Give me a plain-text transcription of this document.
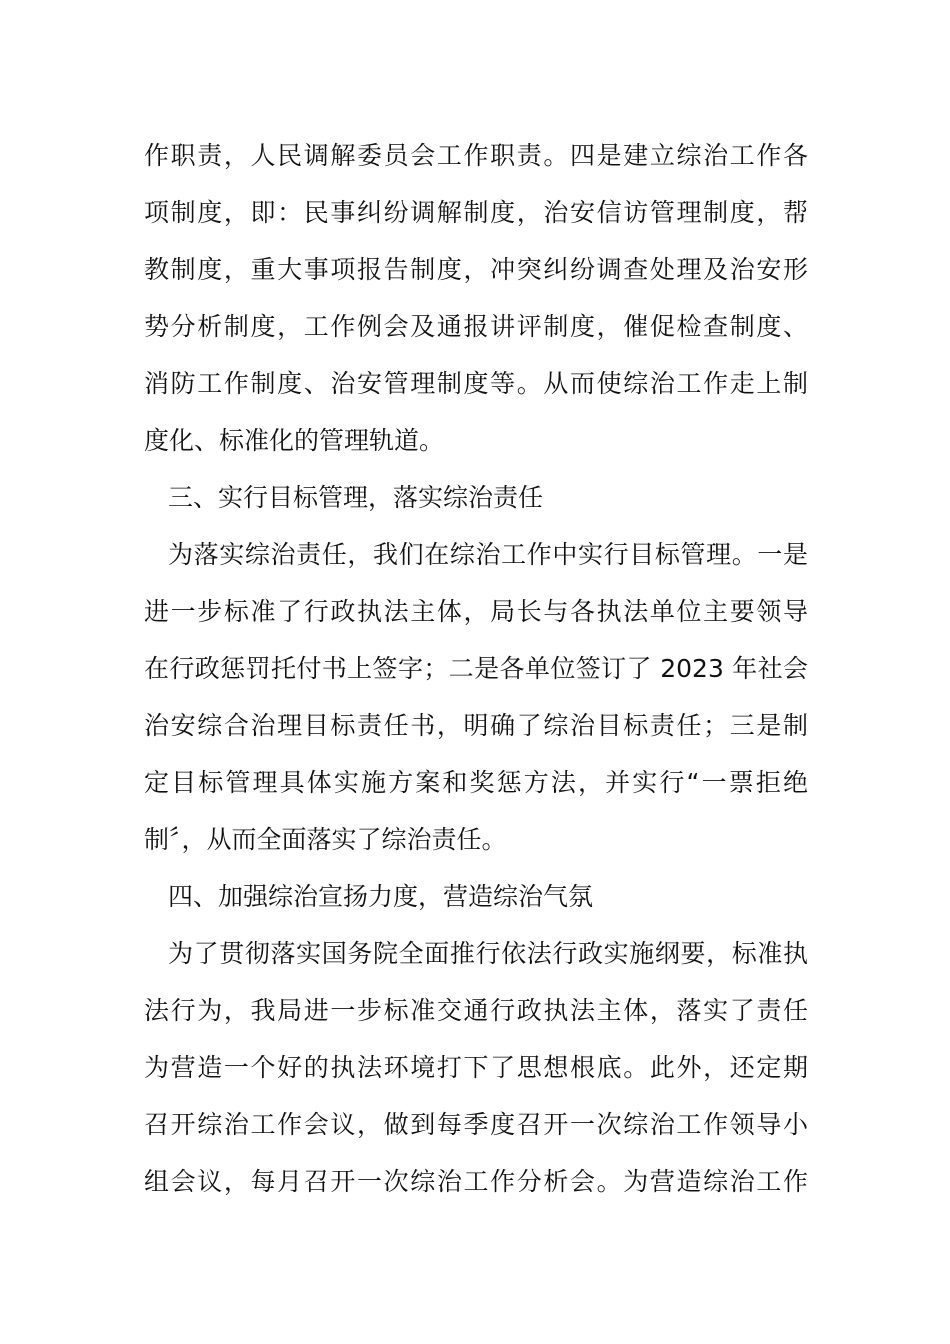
作职责，人民调解委员会工作职责。四是建立综治工作各
项制度，即：民事纠纷调解制度，治安信访管理制度，帮
教制度，重大事项报告制度，冲突纠纷调查处理及治安形
势分析制度，工作例会及通报讲评制度，催促检查制度、
消防工作制度、治安管理制度等。从而使综治工作走上制
度化、标准化的管理轨道。
三、实行目标管理，落实综治责任
为落实综治责任，我们在综治工作中实行目标管理。一是
进一步标准了行政执法主体，局长与各执法单位主要领导
在行政惩罚托付书上签字；二是各单位签订了 2023 年社会
治安综合治理目标责任书，明确了综治目标责任；三是制
定目标管理具体实施方案和奖惩方法，并实行“一票拒绝
制〞，从而全面落实了综治责任。
四、加强综治宣扬力度，营造综治气氛
为了贯彻落实国务院全面推行依法行政实施纲要，标准执
法行为，我局进一步标准交通行政执法主体，落实了责任
为营造一个好的执法环境打下了思想根底。此外，还定期
召开综治工作会议，做到每季度召开一次综治工作领导小
组会议，每月召开一次综治工作分析会。为营造综治工作
